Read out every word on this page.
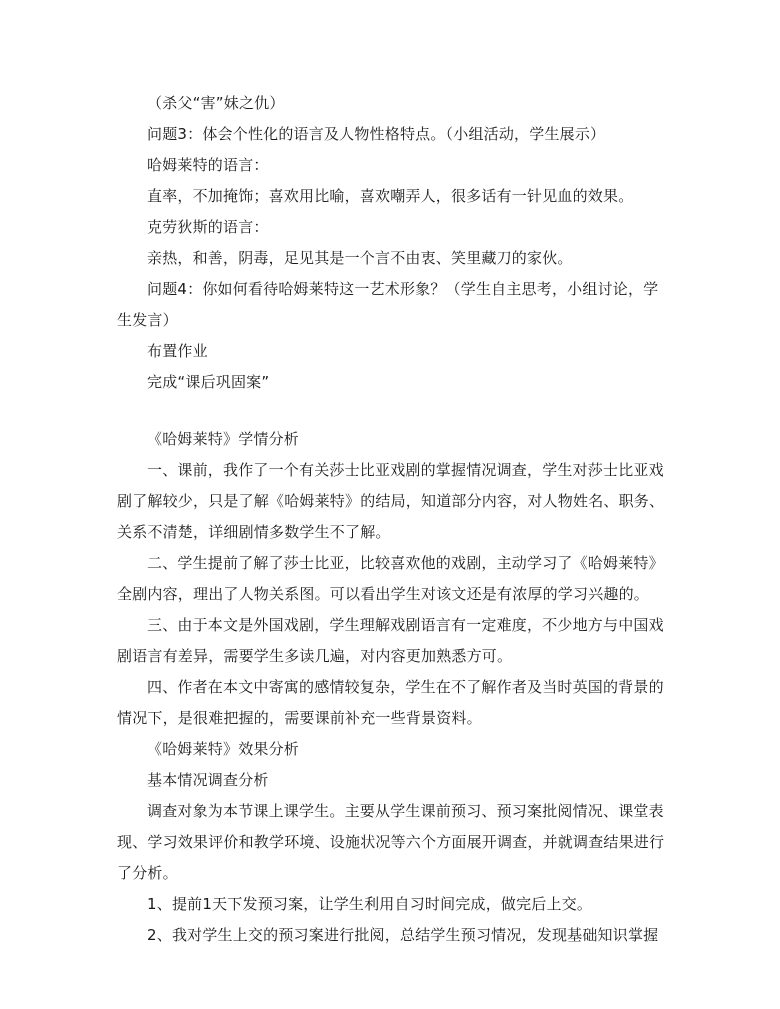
（杀父“害”妹之仇）
问题3：体会个性化的语言及人物性格特点。（小组活动，学生展示）
哈姆莱特的语言：
直率，不加掩饰；喜欢用比喻，喜欢嘲弄人，很多话有一针见血的效果。
克劳狄斯的语言：
亲热，和善，阴毒，足见其是一个言不由衷、笑里藏刀的家伙。
问题4：你如何看待哈姆莱特这一艺术形象？（学生自主思考，小组讨论，学
生发言）
布置作业
完成“课后巩固案”
《哈姆莱特》学情分析
一、课前，我作了一个有关莎士比亚戏剧的掌握情况调查，学生对莎士比亚戏
剧了解较少，只是了解《哈姆莱特》的结局，知道部分内容，对人物姓名、职务、
关系不清楚，详细剧情多数学生不了解。
二、学生提前了解了莎士比亚，比较喜欢他的戏剧，主动学习了《哈姆莱特》
全剧内容，理出了人物关系图。可以看出学生对该文还是有浓厚的学习兴趣的。
三、由于本文是外国戏剧，学生理解戏剧语言有一定难度，不少地方与中国戏
剧语言有差异，需要学生多读几遍，对内容更加熟悉方可。
四、作者在本文中寄寓的感情较复杂，学生在不了解作者及当时英国的背景的
情况下，是很难把握的，需要课前补充一些背景资料。
《哈姆莱特》效果分析
基本情况调查分析
调查对象为本节课上课学生。主要从学生课前预习、预习案批阅情况、课堂表
现、学习效果评价和教学环境、设施状况等六个方面展开调查，并就调查结果进行
了分析。
1、提前1天下发预习案，让学生利用自习时间完成，做完后上交。
2、我对学生上交的预习案进行批阅，总结学生预习情况，发现基础知识掌握
